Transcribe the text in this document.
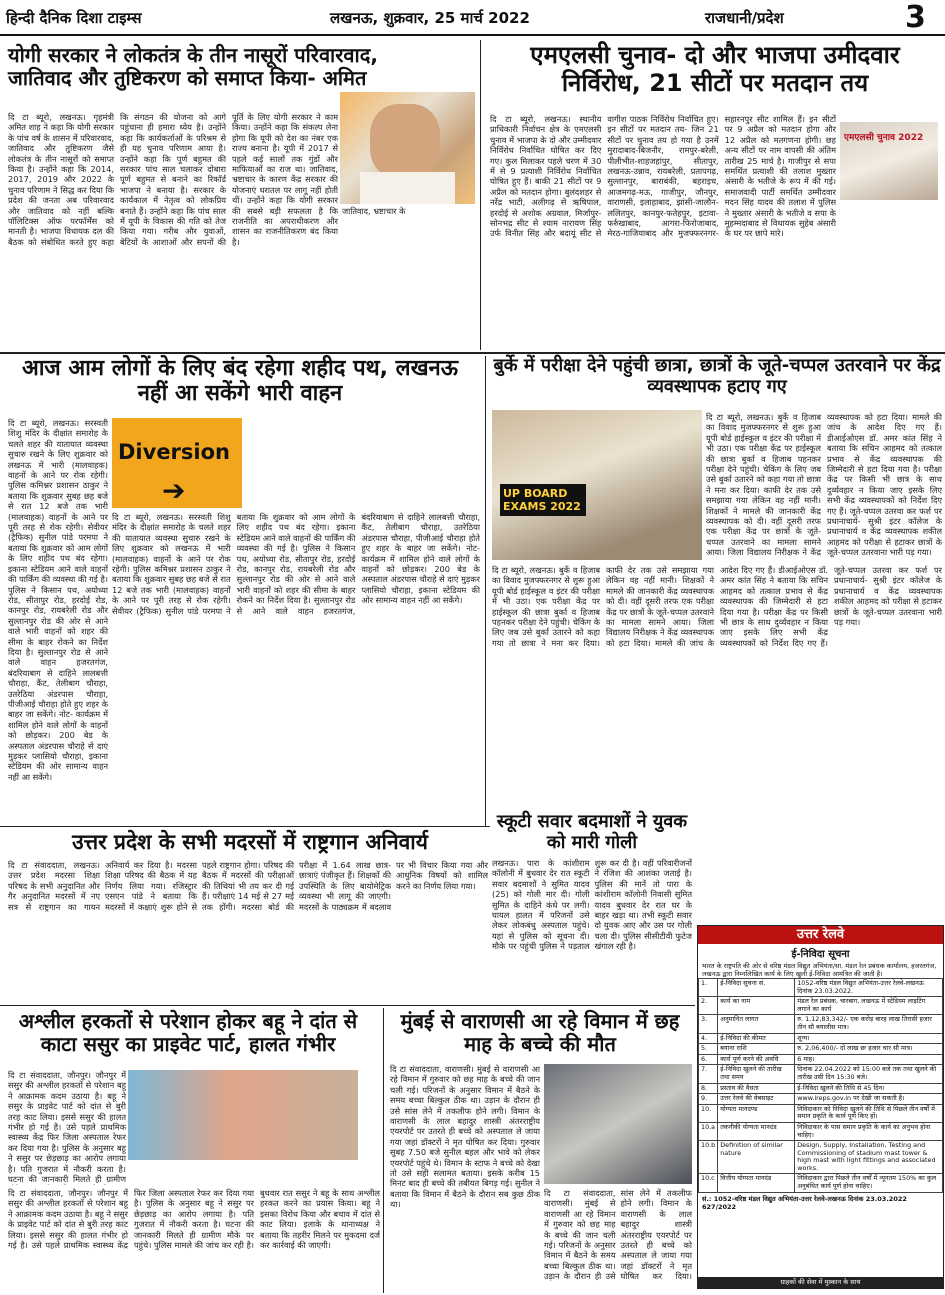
हिन्दी दैनिक दिशा टाइम्स	लखनऊ, शुक्रवार, 25 मार्च 2022	राजधानी/प्रदेश	3
योगी सरकार ने लोकतंत्र के तीन नासूरों परिवारवाद, जातिवाद और तुष्टिकरण को समाप्त किया- अमित
दि टा ब्यूरो, लखनऊ। गृहमंत्री अमित शाह ने कहा कि योगी सरकार के पांच वर्ष के शासन में परिवारवाद, जातिवाद और तुष्टिकरण जैसे लोकतंत्र के तीन नासूरों को समाप्त किया है। उन्होंने कहा कि 2014, 2017, 2019 और 2022 के चुनाव परिणाम ने सिद्ध कर दिया कि प्रदेश की जनता अब परिवारवाद और जातिवाद को नहीं बल्कि पॉलिटिक्स ऑफ परफॉर्मेंस को मानती है। भाजपा विधायक दल की बैठक को संबोधित करते हुए कहा कि संगठन की योजना को आगे पहुंचाना ही हमारा ध्येय है। उन्होंने कहा कि कार्यकर्ताओं के परिश्रम से ही यह चुनाव परिणाम आया है। उन्होंने कहा कि पूर्ण बहुमत की सरकार पांच साल चलाकर दोबारा पूर्ण बहुमत से बनाने का रिकॉर्ड भाजपा ने बनाया है। सरकार के कार्यकाल में नेतृत्व को लोकप्रिय बनाते हैं। उन्होंने कहा कि पांच साल में यूपी के विकास की गति को तेज किया गया। गरीब और युवाओं, बेटियों के आशाओं और सपनों की पूर्ति के लिए योगी सरकार ने काम किया। उन्होंने कहा कि संकल्प लेना होगा कि यूपी को देश का नंबर एक राज्य बनाना है। यूपी में 2017 से पहले कई सालों तक गुंडों और माफियाओं का राज था। जातिवाद, भ्रष्टाचार के कारण केंद्र सरकार की योजनाएं धरातल पर लागू नहीं होती थीं। उन्होंने कहा कि योगी सरकार की सबसे बड़ी सफलता है कि राजनीति का अपराधीकरण और शासन का राजनीतिकरण बंद किया है।
जातिवाद, भ्रष्टाचार के
एमएलसी चुनाव- दो और भाजपा उमीदवार निर्विरोध, 21 सीटों पर मतदान तय
एमएलसी चुनाव 2022
दि टा ब्यूरो, लखनऊ। स्थानीय प्राधिकारी निर्वाचन क्षेत्र के एमएलसी चुनाव में भाजपा के दो और उम्मीदवार निर्विरोध निर्वाचित घोषित कर दिए गए। कुल मिलाकर पहले चरण में 30 में से 9 प्रत्याशी निर्विरोध निर्वाचित घोषित हुए हैं। बाकी 21 सीटों पर 9 अप्रैल को मतदान होगा। बुलंदशहर से नरेंद्र भाटी, अलीगढ़ से ऋषिपाल, हरदोई से अशोक अग्रवाल, मिर्जापुर-सोनभद्र सीट से श्याम नारायण सिंह उर्फ विनीत सिंह और बदायूं सीट से वागीश पाठक निर्विरोध निर्वाचित हुए। इन सीटों पर मतदान तय- जिन 21 सीटों पर चुनाव तय हो गया है उनमें मुरादाबाद-बिजनौर, रामपुर-बरेली, पीलीभीत-शाहजहांपुर, सीतापुर, लखनऊ-उन्नाव, रायबरेली, प्रतापगढ़, सुल्तानपुर, बाराबंकी, बहराइच, आजमगढ़-मऊ, गाजीपुर, जौनपुर, वाराणसी, इलाहाबाद, झांसी-जालौन-ललितपुर, कानपुर-फतेहपुर, इटावा-फर्रुखाबाद, आगरा-फिरोजाबाद, मेरठ-गाजियाबाद और मुजफ्फरनगर-सहारनपुर सीट शामिल हैं। इन सीटों पर 9 अप्रैल को मतदान होगा और 12 अप्रैल को मतगणना होगी। छह अन्य सीटों पर नाम वापसी की अंतिम तारीख 25 मार्च है। गाजीपुर से सपा समर्थित प्रत्याशी की तलाश मुख्तार अंसारी के भतीजे के रूप में की गई। समाजवादी पार्टी समर्थित उम्मीदवार मदन सिंह यादव की तलाश में पुलिस ने मुख्तार अंसारी के भतीजे व सपा के मुहम्मदाबाद से विधायक सुहेब अंसारी के घर पर छापे मारे।
आज आम लोगों के लिए बंद रहेगा शहीद पथ, लखनऊ नहीं आ सकेंगे भारी वाहन
Diversion
➔
दि टा ब्यूरो, लखनऊ। सरस्वती शिशु मंदिर के दीक्षांत समारोह के चलते शहर की यातायात व्यवस्था सुचारु रखने के लिए शुक्रवार को लखनऊ में भारी (मालवाहक) वाहनों के आने पर रोक रहेगी। पुलिस कमिश्नर प्रशासन ठाकुर ने बताया कि शुक्रवार सुबह छह बजे से रात 12 बजे तक भारी (मालवाहक) वाहनों के आने पर पूरी तरह से रोक रहेगी। सेवीयर (ट्रैफिक) सुनील पांडे परमपा ने बताया कि शुक्रवार को आम लोगों के लिए शहीद पथ बंद रहेगा। इकाना स्टेडियम आने वाले वाहनों की पार्किंग की व्यवस्था की गई है। पुलिस ने किसान पथ, अयोध्या रोड, सीतापुर रोड, हरदोई रोड, कानपुर रोड, रायबरेली रोड और सुल्तानपुर रोड की ओर से आने वाले भारी वाहनों को शहर की सीमा के बाहर रोकने का निर्देश दिया है। सुल्तानपुर रोड से आने वाले वाहन हजरतगंज, बंदरियाबाग से दाहिने लालबत्ती चौराहा, कैंट, तेलीबाग चौराहा, उतरेठिया अंडरपास चौराहा, पीजीआई चौराहा होते हुए शहर के बाहर जा सकेंगे। नोट- कार्यक्रम में शामिल होने वाले लोगों के वाहनों को छोड़कर। 200 बेड के अस्पताल अंडरपास चौराहे से दाएं मुड़कर प्लासियो चौराहा, इकाना स्टेडियम की ओर सामान्य वाहन नहीं आ सकेंगे।
दि टा ब्यूरो, लखनऊ। सरस्वती शिशु मंदिर के दीक्षांत समारोह के चलते शहर की यातायात व्यवस्था सुचारु रखने के लिए शुक्रवार को लखनऊ में भारी (मालवाहक) वाहनों के आने पर रोक रहेगी। पुलिस कमिश्नर प्रशासन ठाकुर ने बताया कि शुक्रवार सुबह छह बजे से रात 12 बजे तक भारी (मालवाहक) वाहनों के आने पर पूरी तरह से रोक रहेगी। सेवीयर (ट्रैफिक) सुनील पांडे परमपा ने बताया कि शुक्रवार को आम लोगों के लिए शहीद पथ बंद रहेगा। इकाना स्टेडियम आने वाले वाहनों की पार्किंग की व्यवस्था की गई है। पुलिस ने किसान पथ, अयोध्या रोड, सीतापुर रोड, हरदोई रोड, कानपुर रोड, रायबरेली रोड और सुल्तानपुर रोड की ओर से आने वाले भारी वाहनों को शहर की सीमा के बाहर रोकने का निर्देश दिया है। सुल्तानपुर रोड से आने वाले वाहन हजरतगंज, बंदरियाबाग से दाहिने लालबत्ती चौराहा, कैंट, तेलीबाग चौराहा, उतरेठिया अंडरपास चौराहा, पीजीआई चौराहा होते हुए शहर के बाहर जा सकेंगे। नोट- कार्यक्रम में शामिल होने वाले लोगों के वाहनों को छोड़कर। 200 बेड के अस्पताल अंडरपास चौराहे से दाएं मुड़कर प्लासियो चौराहा, इकाना स्टेडियम की ओर सामान्य वाहन नहीं आ सकेंगे।
बुर्के में परीक्षा देने पहुंची छात्रा, छात्रों के जूते-चप्पल उतरवाने पर केंद्र व्यवस्थापक हटाए गए
UP BOARD EXAMS 2022
दि टा ब्यूरो, लखनऊ। बुर्के व हिजाब का विवाद मुजफ्फरनगर से शुरू हुआ यूपी बोर्ड हाईस्कूल व इंटर की परीक्षा में भी उठा। एक परीक्षा केंद्र पर हाईस्कूल की छात्रा बुर्का व हिजाब पहनकर परीक्षा देने पहुंची। चेकिंग के लिए जब उसे बुर्का उतारने को कहा गया तो छात्रा ने मना कर दिया। काफी देर तक उसे समझाया गया लेकिन वह नहीं मानी। शिक्षकों ने मामले की जानकारी केंद्र व्यवस्थापक को दी। वहीं दूसरी तरफ एक परीक्षा केंद्र पर छात्रों के जूते-चप्पल उतरवाने का मामला सामने आया। जिला विद्यालय निरीक्षक ने केंद्र व्यवस्थापक को हटा दिया। मामले की जांच के आदेश दिए गए हैं। डीआईओएस डॉ. अमर कांत सिंह ने बताया कि सचिन आहमद को तत्काल प्रभाव से केंद्र व्यवस्थापक की जिम्मेदारी से हटा दिया गया है। परीक्षा केंद्र पर किसी भी छात्र के साथ दुर्व्यवहार न किया जाए इसके लिए सभी केंद्र व्यवस्थापकों को निर्देश दिए गए हैं। जूते-चप्पल उतरवा कर फर्श पर प्रधानाचार्य- सुश्री इंटर कॉलेज के प्रधानाचार्य व केंद्र व्यवस्थापक शकील आहमद को परीक्षा से हटाकर छात्रों के जूते-चप्पल उतरवाना भारी पड़ गया।
दि टा ब्यूरो, लखनऊ। बुर्के व हिजाब का विवाद मुजफ्फरनगर से शुरू हुआ यूपी बोर्ड हाईस्कूल व इंटर की परीक्षा में भी उठा। एक परीक्षा केंद्र पर हाईस्कूल की छात्रा बुर्का व हिजाब पहनकर परीक्षा देने पहुंची। चेकिंग के लिए जब उसे बुर्का उतारने को कहा गया तो छात्रा ने मना कर दिया। काफी देर तक उसे समझाया गया लेकिन वह नहीं मानी। शिक्षकों ने मामले की जानकारी केंद्र व्यवस्थापक को दी। वहीं दूसरी तरफ एक परीक्षा केंद्र पर छात्रों के जूते-चप्पल उतरवाने का मामला सामने आया। जिला विद्यालय निरीक्षक ने केंद्र व्यवस्थापक को हटा दिया। मामले की जांच के आदेश दिए गए हैं। डीआईओएस डॉ. अमर कांत सिंह ने बताया कि सचिन आहमद को तत्काल प्रभाव से केंद्र व्यवस्थापक की जिम्मेदारी से हटा दिया गया है। परीक्षा केंद्र पर किसी भी छात्र के साथ दुर्व्यवहार न किया जाए इसके लिए सभी केंद्र व्यवस्थापकों को निर्देश दिए गए हैं। जूते-चप्पल उतरवा कर फर्श पर प्रधानाचार्य- सुश्री इंटर कॉलेज के प्रधानाचार्य व केंद्र व्यवस्थापक शकील आहमद को परीक्षा से हटाकर छात्रों के जूते-चप्पल उतरवाना भारी पड़ गया।
स्कूटी सवार बदमाशों ने युवक को मारी गोली
लखनऊ। पारा के कांशीराम कॉलोनी में बुधवार देर रात स्कूटी सवार बदमाशों ने सुमित यादव (25) को गोली मार दी। गोली सुमित के दाहिने कंधे पर लगी। घायल हालत में परिजनों उसे लेकर लोकबंधु अस्पताल पहुंचे। यहां से पुलिस को सूचना दी। मौके पर पहुंची पुलिस ने पड़ताल शुरू कर दी है। वहीं परिवारीजनों ने रंजिश की आशंका जताई है। पुलिस की मानें तो पारा के कांशीराम कॉलोनी निवासी सुमित यादव बुधवार देर रात घर के बाहर खड़ा था। तभी स्कूटी सवार दो युवक आए और उस पर गोली चला दी। पुलिस सीसीटीवी फुटेज खंगाल रही है।
उत्तर प्रदेश के सभी मदरसों में राष्ट्रगान अनिवार्य
दि टा संवाददाता, लखनऊ। उत्तर प्रदेश मदरसा शिक्षा परिषद के सभी अनुदानित और गैर अनुदानित मदरसों में नए सत्र से राष्ट्रगान का गायन अनिवार्य कर दिया है। मदरसा शिक्षा परिषद की बैठक में यह निर्णय लिया गया। रजिस्ट्रार एसएन पांडे ने बताया कि मदरसों में कक्षाएं शुरू होने से पहले राष्ट्रगान होगा। परिषद की बैठक में मदरसों की परीक्षाओं की तिथियां भी तय कर दी गई हैं। परीक्षाएं 14 मई से 27 मई तक होंगी। मदरसा बोर्ड की परीक्षा में 1.64 लाख छात्र-छात्राएं पंजीकृत हैं। शिक्षकों की उपस्थिति के लिए बायोमेट्रिक व्यवस्था भी लागू की जाएगी। मदरसों के पाठ्यक्रम में बदलाव पर भी विचार किया गया और आधुनिक विषयों को शामिल करने का निर्णय लिया गया।
अश्लील हरकतों से परेशान होकर बहू ने दांत से काटा ससुर का प्राइवेट पार्ट, हालत गंभीर
दि टा संवाददाता, जौनपुर। जौनपुर में ससुर की अश्लील हरकतों से परेशान बहू ने आक्रामक कदम उठाया है। बहू ने ससुर के प्राइवेट पार्ट को दांत से बुरी तरह काट लिया। इससे ससुर की हालत गंभीर हो गई है। उसे पहले प्राथमिक स्वास्थ्य केंद्र फिर जिला अस्पताल रेफर कर दिया गया है। पुलिस के अनुसार बहू ने ससुर पर छेड़छाड़ का आरोप लगाया है। पति गुजरात में नौकरी करता है। घटना की जानकारी मिलते ही ग्रामीण
दि टा संवाददाता, जौनपुर। जौनपुर में ससुर की अश्लील हरकतों से परेशान बहू ने आक्रामक कदम उठाया है। बहू ने ससुर के प्राइवेट पार्ट को दांत से बुरी तरह काट लिया। इससे ससुर की हालत गंभीर हो गई है। उसे पहले प्राथमिक स्वास्थ्य केंद्र फिर जिला अस्पताल रेफर कर दिया गया है। पुलिस के अनुसार बहू ने ससुर पर छेड़छाड़ का आरोप लगाया है। पति गुजरात में नौकरी करता है। घटना की जानकारी मिलते ही ग्रामीण मौके पर पहुंचे। पुलिस मामले की जांच कर रही है। बुधवार रात ससुर ने बहू के साथ अश्लील हरकत करने का प्रयास किया। बहू ने इसका विरोध किया और बचाव में दांत से काट लिया। इलाके के थानाध्यक्ष ने बताया कि तहरीर मिलने पर मुकदमा दर्ज कर कार्रवाई की जाएगी।
मुंबई से वाराणसी आ रहे विमान में छह माह के बच्चे की मौत
दि टा संवाददाता, वाराणसी। मुंबई से वाराणसी आ रहे विमान में गुरुवार को छह माह के बच्चे की जान चली गई। परिजनों के अनुसार विमान में बैठने के समय बच्चा बिल्कुल ठीक था। उड़ान के दौरान ही उसे सांस लेने में तकलीफ होने लगी। विमान के वाराणसी के लाल बहादुर शास्त्री अंतरराष्ट्रीय एयरपोर्ट पर उतरते ही बच्चे को अस्पताल ले जाया गया जहां डॉक्टरों ने मृत घोषित कर दिया। गुरुवार सुबह 7.50 बजे सुनील बहल और भावे को लेकर एयरपोर्ट पहुंचे थे। विमान के स्टाफ ने बच्चे को देखा तो उसे सही सलामत बताया। इसके करीब 15 मिनट बाद ही बच्चे की तबीयत बिगड़ गई। सुनील ने बताया कि विमान में बैठने के दौरान सब कुछ ठीक था।
दि टा संवाददाता, वाराणसी। मुंबई से वाराणसी आ रहे विमान में गुरुवार को छह माह के बच्चे की जान चली गई। परिजनों के अनुसार विमान में बैठने के समय बच्चा बिल्कुल ठीक था। उड़ान के दौरान ही उसे सांस लेने में तकलीफ होने लगी। विमान के वाराणसी के लाल बहादुर शास्त्री अंतरराष्ट्रीय एयरपोर्ट पर उतरते ही बच्चे को अस्पताल ले जाया गया जहां डॉक्टरों ने मृत घोषित कर दिया।
उत्तर रेलवे
ई-निविदा सूचना
भारत के राष्ट्रपति की ओर से वरिष्ठ मंडल विद्युत अभियंता/सा. मंडल रेल प्रबंधक कार्यालय, हजरतगंज, लखनऊ द्वारा निम्नलिखित कार्य के लिए खुली ई-निविदा आमंत्रित की जाती है।
1.	ई-निविदा सूचना सं.	1052-वरिष्ठ मंडल विद्युत अभियंता-उत्तर रेलवे-लखनऊ दिनांक 23.03.2022.
2.	कार्य का नाम	मंडल रेल प्रबंधक, चारबाग, लखनऊ में स्टेडियम लाइटिंग लगाने का कार्य
3.	अनुमानित लागत	रु. 1,12,83,342/- एक करोड़ बारह लाख तिरासी हजार तीन सौ बयालीस मात्र।
4.	ई-निविदा की कीमत	शून्य।
5.	बयाना राशि	रु. 2,06,400/- दो लाख छः हजार चार सौ मात्र।
6.	कार्य पूर्ण करने की अवधि	6 माह।
7.	ई-निविदा खुलने की तारीख तथा समय	दिनांक 22.04.2022 को 15:00 बजे तक तथा खुलने की तारीख उसी दिन 15:30 बजे।
8.	प्रस्ताव की वैधता	ई-निविदा खुलने की तिथि से 45 दिन।
9.	उत्तर रेलवे की वेबसाइट	www.ireps.gov.in पर देखी जा सकती है।
10.	योग्यता मानदण्ड	निविदाकार को निविदा खुलने की तिथि से पिछले तीन वर्षों में समान प्रकृति के कार्य पूर्ण किए हों।
10.a	तकनीकी योग्यता मानदंड	निविदाकार के पास समान प्रकृति के कार्य का अनुभव होना चाहिए।
10.b	Definition of similar nature	Design, Supply, Installation, Testing and Commissioning of stadium mast tower & high mast with light fittings and associated works.
10.c	वित्तीय योग्यता मानदंड	निविदाकार द्वारा पिछले तीन वर्षों में न्यूनतम 150% का कुल अनुबंधित कार्य पूर्ण होना चाहिए।
सं.: 1052-वरिष्ठ मंडल विद्युत अभियंता-उत्तर रेलवे-लखनऊ दिनांक 23.03.2022 627/2022
ग्राहकों की सेवा में मुस्कान के साथ
